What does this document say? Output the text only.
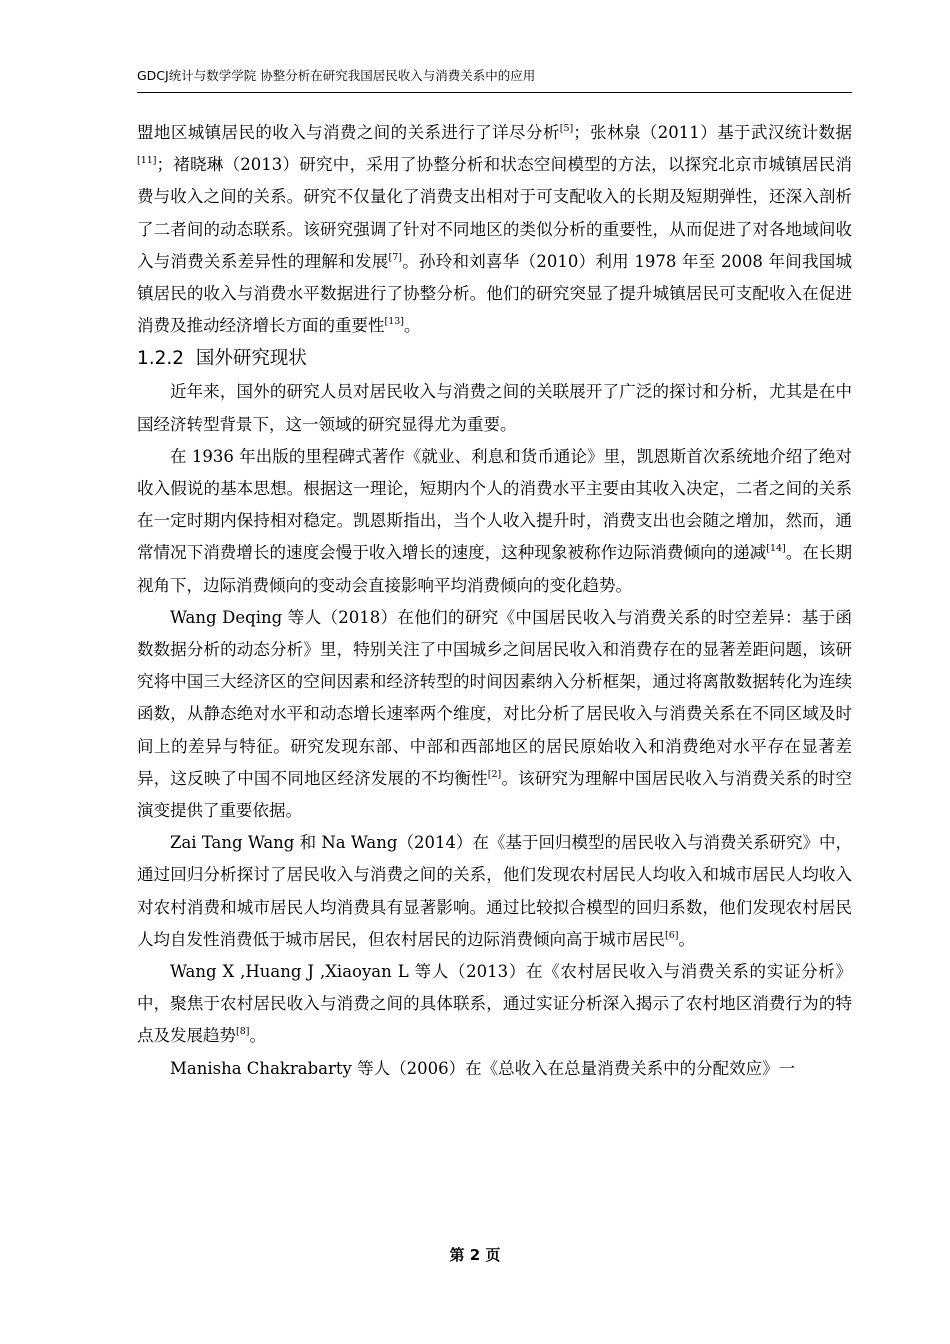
GDCJ统计与数学学院 协整分析在研究我国居民收入与消费关系中的应用

盟地区城镇居民的收入与消费之间的关系进行了详尽分析[5]；张林泉（2011）基于武汉统计数据[11]；褚晓琳（2013）研究中，采用了协整分析和状态空间模型的方法，以探究北京市城镇居民消费与收入之间的关系。研究不仅量化了消费支出相对于可支配收入的长期及短期弹性，还深入剖析了二者间的动态联系。该研究强调了针对不同地区的类似分析的重要性，从而促进了对各地域间收入与消费关系差异性的理解和发展[7]。孙玲和刘喜华（2010）利用 1978 年至 2008 年间我国城镇居民的收入与消费水平数据进行了协整分析。他们的研究突显了提升城镇居民可支配收入在促进消费及推动经济增长方面的重要性[13]。

1.2.2 国外研究现状

近年来，国外的研究人员对居民收入与消费之间的关联展开了广泛的探讨和分析，尤其是在中国经济转型背景下，这一领域的研究显得尤为重要。

在 1936 年出版的里程碑式著作《就业、利息和货币通论》里，凯恩斯首次系统地介绍了绝对收入假说的基本思想。根据这一理论，短期内个人的消费水平主要由其收入决定，二者之间的关系在一定时期内保持相对稳定。凯恩斯指出，当个人收入提升时，消费支出也会随之增加，然而，通常情况下消费增长的速度会慢于收入增长的速度，这种现象被称作边际消费倾向的递减[14]。在长期视角下，边际消费倾向的变动会直接影响平均消费倾向的变化趋势。

Wang Deqing 等人（2018）在他们的研究《中国居民收入与消费关系的时空差异：基于函数数据分析的动态分析》里，特别关注了中国城乡之间居民收入和消费存在的显著差距问题，该研究将中国三大经济区的空间因素和经济转型的时间因素纳入分析框架，通过将离散数据转化为连续函数，从静态绝对水平和动态增长速率两个维度，对比分析了居民收入与消费关系在不同区域及时间上的差异与特征。研究发现东部、中部和西部地区的居民原始收入和消费绝对水平存在显著差异，这反映了中国不同地区经济发展的不均衡性[2]。该研究为理解中国居民收入与消费关系的时空演变提供了重要依据。

Zai Tang Wang 和 Na Wang（2014）在《基于回归模型的居民收入与消费关系研究》中，通过回归分析探讨了居民收入与消费之间的关系，他们发现农村居民人均收入和城市居民人均收入对农村消费和城市居民人均消费具有显著影响。通过比较拟合模型的回归系数，他们发现农村居民人均自发性消费低于城市居民，但农村居民的边际消费倾向高于城市居民[6]。

Wang X ,Huang J ,Xiaoyan L 等人（2013）在《农村居民收入与消费关系的实证分析》中，聚焦于农村居民收入与消费之间的具体联系，通过实证分析深入揭示了农村地区消费行为的特点及发展趋势[8]。

Manisha Chakrabarty 等人（2006）在《总收入在总量消费关系中的分配效应》一

第 2 页
